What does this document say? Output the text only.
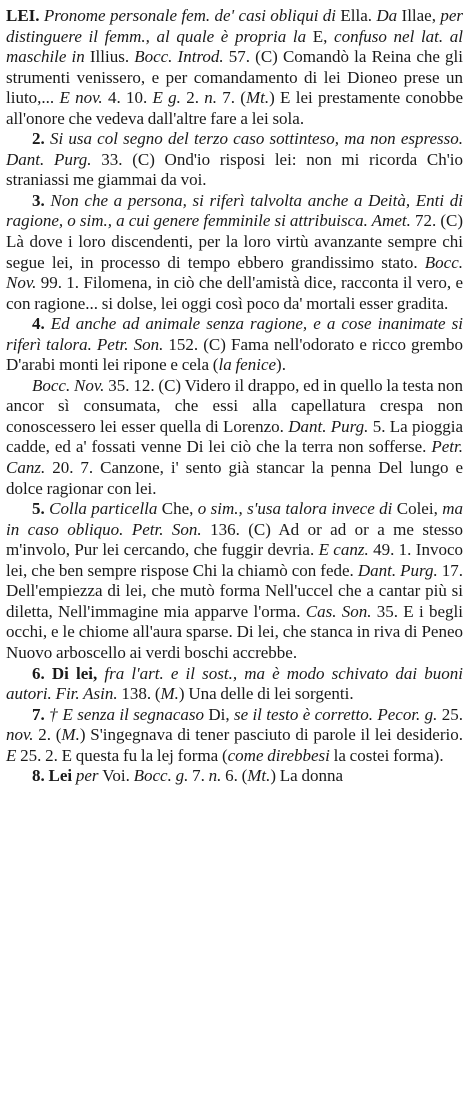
LEI. Pronome personale fem. de' casi obliqui di Ella. Da Illae, per distinguere il femm., al quale è propria la E, confuso nel lat. al maschile in Illius. Bocc. Introd. 57. (C) Comandò la Reina che gli strumenti venissero, e per comandamento di lei Dioneo prese un liuto,... E nov. 4. 10. E g. 2. n. 7. (Mt.) E lei prestamente conobbe all'onore che vedeva dall'altre fare a lei sola.

2. Si usa col segno del terzo caso sottinteso, ma non espresso. Dant. Purg. 33. (C) Ond'io risposi lei: non mi ricorda Ch'io straniassi me giammai da voi.

3. Non che a persona, si riferì talvolta anche a Deità, Enti di ragione, o sim., a cui genere femminile si attribuisca. Amet. 72. (C) Là dove i loro discendenti, per la loro virtù avanzante sempre chi segue lei, in processo di tempo ebbero grandissimo stato. Bocc. Nov. 99. 1. Filomena, in ciò che dell'amistà dice, racconta il vero, e con ragione... si dolse, lei oggi così poco da' mortali esser gradita.

4. Ed anche ad animale senza ragione, e a cose inanimate si riferì talora. Petr. Son. 152. (C) Fama nell'odorato e ricco grembo D'arabi monti lei ripone e cela (la fenice).

Bocc. Nov. 35. 12. (C) Videro il drappo, ed in quello la testa non ancor sì consumata, che essi alla capellatura crespa non conoscessero lei esser quella di Lorenzo. Dant. Purg. 5. La pioggia cadde, ed a' fossati venne Di lei ciò che la terra non sofferse. Petr. Canz. 20. 7. Canzone, i' sento già stancar la penna Del lungo e dolce ragionar con lei.

5. Colla particella Che, o sim., s'usa talora invece di Colei, ma in caso obliquo. Petr. Son. 136. (C) Ad or ad or a me stesso m'involo, Pur lei cercando, che fuggir devria. E canz. 49. 1. Invoco lei, che ben sempre rispose Chi la chiamò con fede. Dant. Purg. 17. Dell'empiezza di lei, che mutò forma Nell'uccel che a cantar più si diletta, Nell'immagine mia apparve l'orma. Cas. Son. 35. E i begli occhi, e le chiome all'aura sparse. Di lei, che stanca in riva di Peneo Nuovo arboscello ai verdi boschi accrebbe.

6. Di lei, fra l'art. e il sost., ma è modo schivato dai buoni autori. Fir. Asin. 138. (M.) Una delle di lei sorgenti.

7. † E senza il segnacaso Di, se il testo è corretto. Pecor. g. 25. nov. 2. (M.) S'ingegnava di tener pasciuto di parole il lei desiderio. E 25. 2. E questa fu la lej forma (come direbbesi la costei forma).

8. Lei per Voi. Bocc. g. 7. n. 6. (Mt.) La donna
